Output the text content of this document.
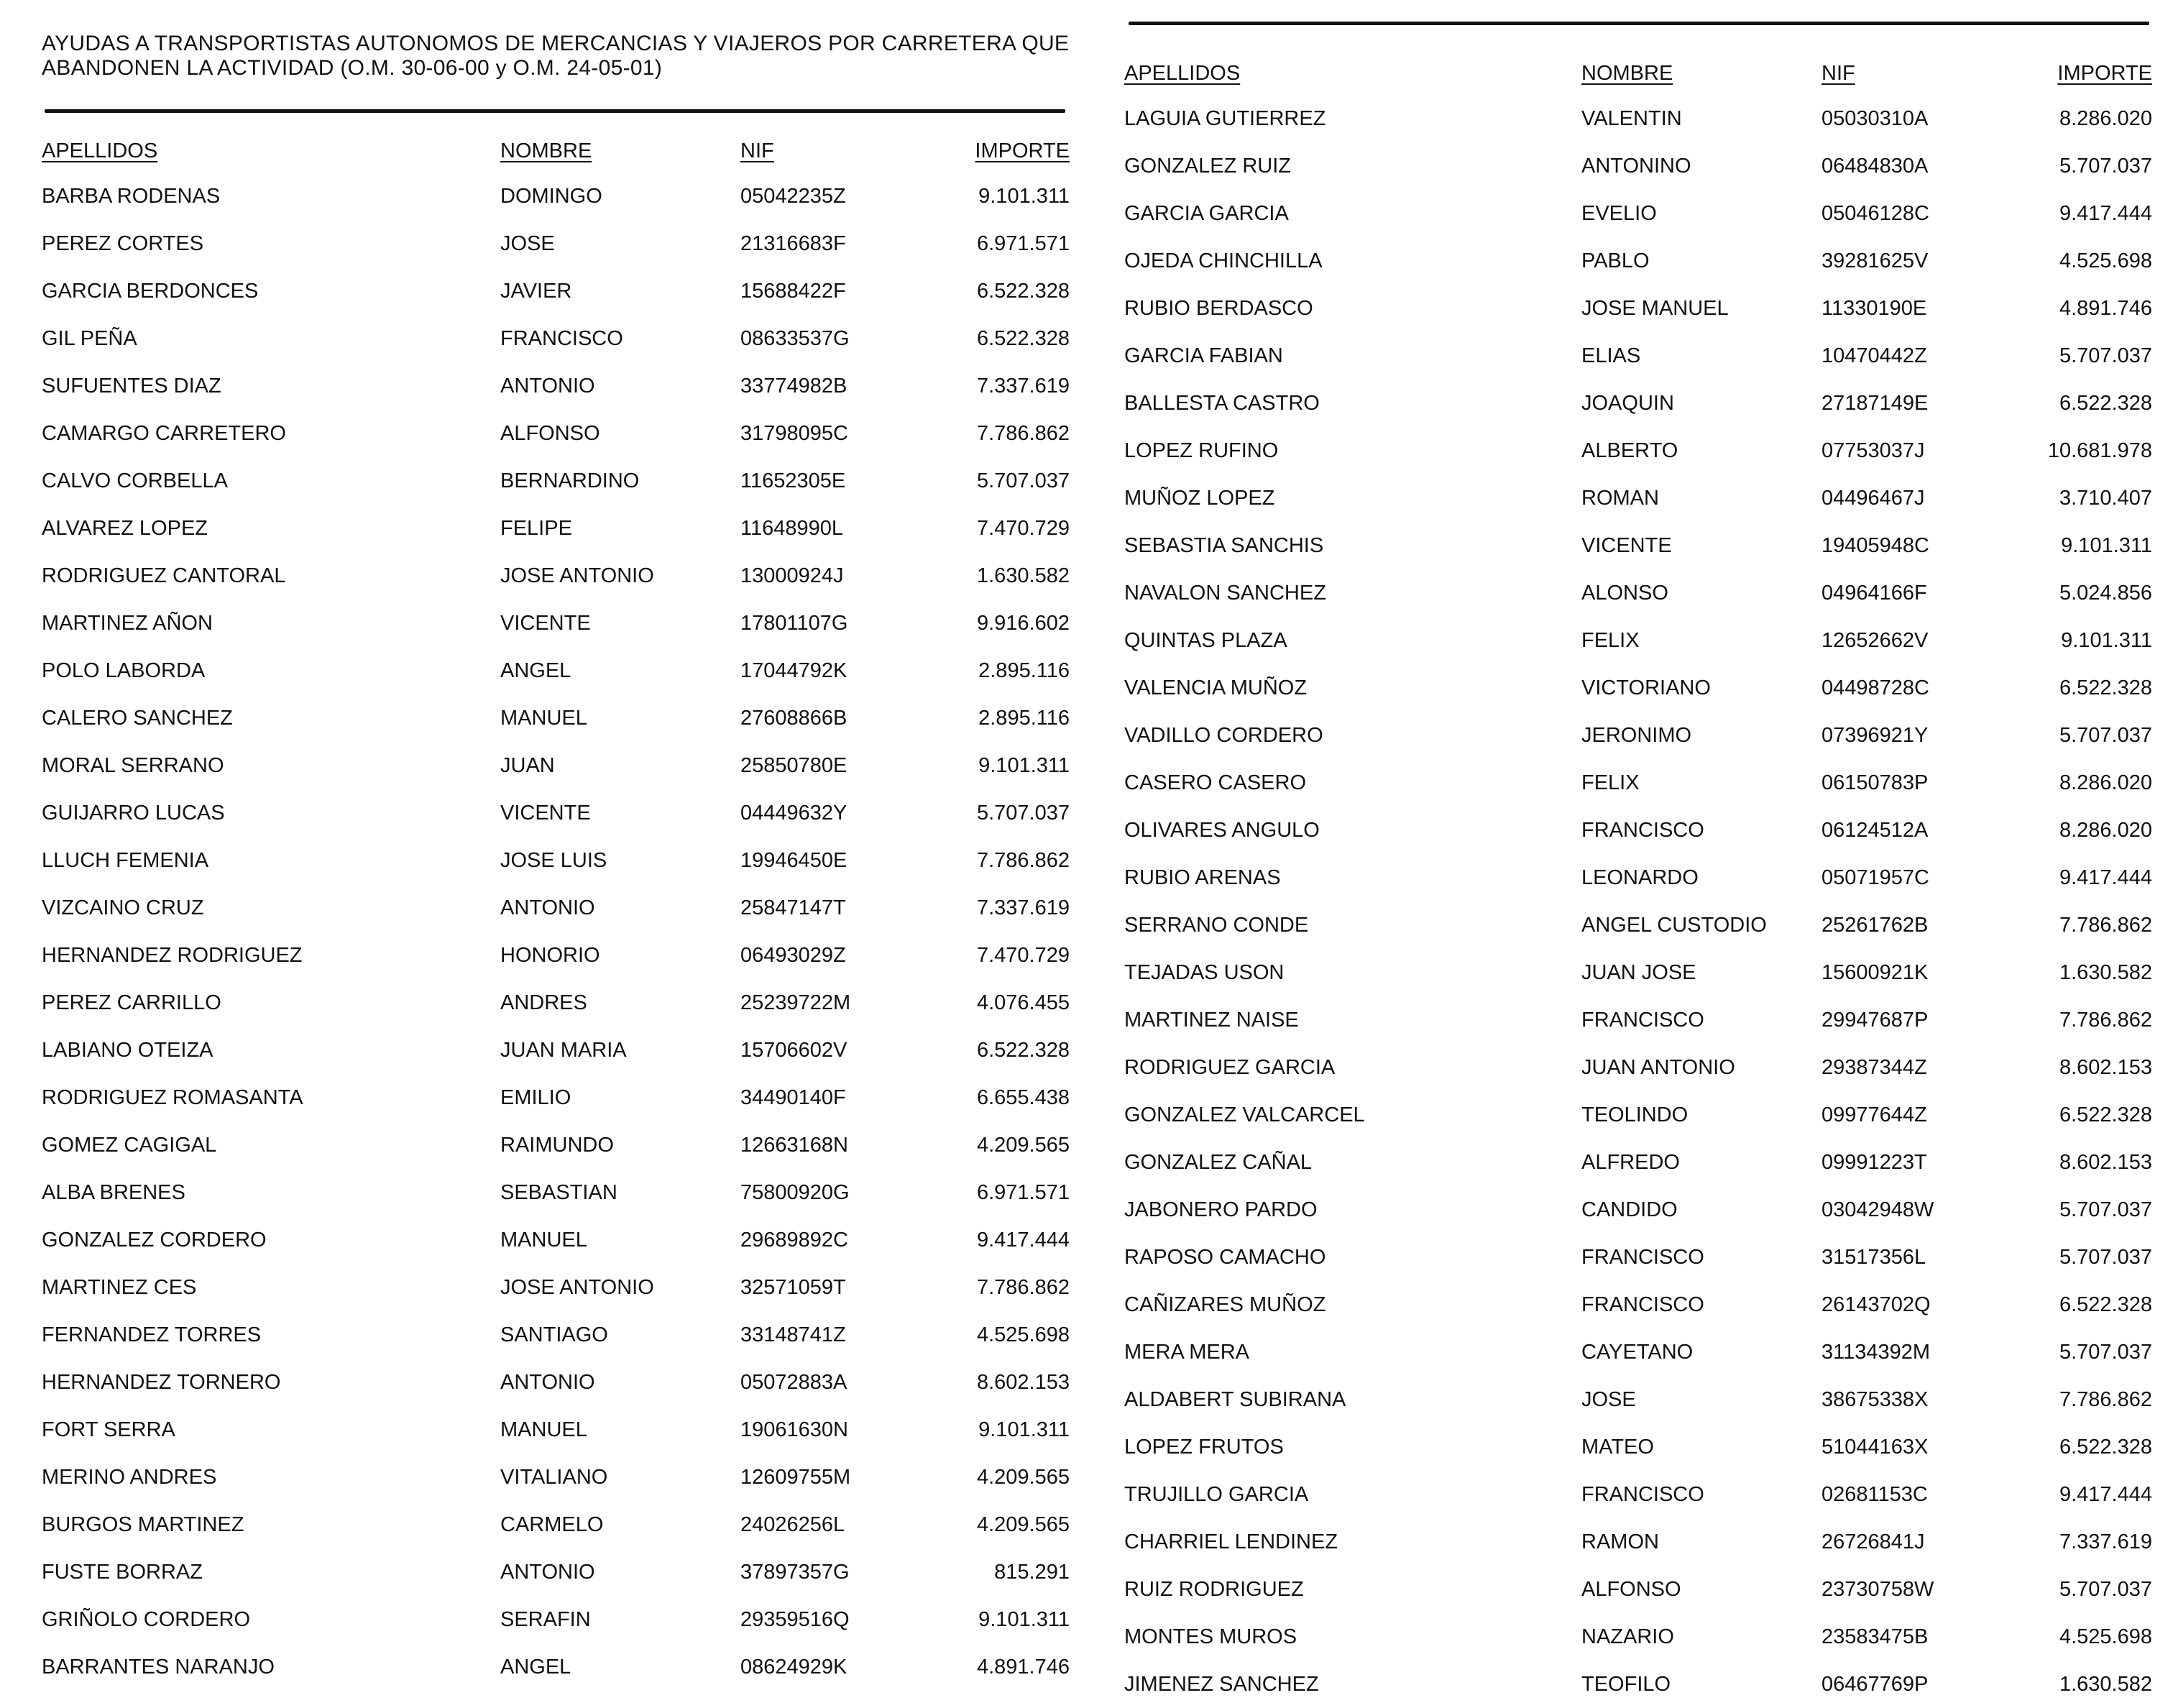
AYUDAS A TRANSPORTISTAS AUTONOMOS DE MERCANCIAS Y VIAJEROS POR CARRETERA QUE ABANDONEN LA ACTIVIDAD (O.M. 30-06-00 y O.M. 24-05-01)
APELLIDOS	NOMBRE	NIF	IMPORTE
BARBA RODENAS	DOMINGO	05042235Z	9.101.311
PEREZ CORTES	JOSE	21316683F	6.971.571
GARCIA BERDONCES	JAVIER	15688422F	6.522.328
GIL PEÑA	FRANCISCO	08633537G	6.522.328
SUFUENTES DIAZ	ANTONIO	33774982B	7.337.619
CAMARGO CARRETERO	ALFONSO	31798095C	7.786.862
CALVO CORBELLA	BERNARDINO	11652305E	5.707.037
ALVAREZ LOPEZ	FELIPE	11648990L	7.470.729
RODRIGUEZ CANTORAL	JOSE ANTONIO	13000924J	1.630.582
MARTINEZ AÑON	VICENTE	17801107G	9.916.602
POLO LABORDA	ANGEL	17044792K	2.895.116
CALERO SANCHEZ	MANUEL	27608866B	2.895.116
MORAL SERRANO	JUAN	25850780E	9.101.311
GUIJARRO LUCAS	VICENTE	04449632Y	5.707.037
LLUCH FEMENIA	JOSE LUIS	19946450E	7.786.862
VIZCAINO CRUZ	ANTONIO	25847147T	7.337.619
HERNANDEZ RODRIGUEZ	HONORIO	06493029Z	7.470.729
PEREZ CARRILLO	ANDRES	25239722M	4.076.455
LABIANO OTEIZA	JUAN MARIA	15706602V	6.522.328
RODRIGUEZ ROMASANTA	EMILIO	34490140F	6.655.438
GOMEZ CAGIGAL	RAIMUNDO	12663168N	4.209.565
ALBA BRENES	SEBASTIAN	75800920G	6.971.571
GONZALEZ CORDERO	MANUEL	29689892C	9.417.444
MARTINEZ CES	JOSE ANTONIO	32571059T	7.786.862
FERNANDEZ TORRES	SANTIAGO	33148741Z	4.525.698
HERNANDEZ TORNERO	ANTONIO	05072883A	8.602.153
FORT SERRA	MANUEL	19061630N	9.101.311
MERINO ANDRES	VITALIANO	12609755M	4.209.565
BURGOS MARTINEZ	CARMELO	24026256L	4.209.565
FUSTE BORRAZ	ANTONIO	37897357G	815.291
GRIÑOLO CORDERO	SERAFIN	29359516Q	9.101.311
BARRANTES NARANJO	ANGEL	08624929K	4.891.746
APELLIDOS	NOMBRE	NIF	IMPORTE
LAGUIA GUTIERREZ	VALENTIN	05030310A	8.286.020
GONZALEZ RUIZ	ANTONINO	06484830A	5.707.037
GARCIA GARCIA	EVELIO	05046128C	9.417.444
OJEDA CHINCHILLA	PABLO	39281625V	4.525.698
RUBIO BERDASCO	JOSE MANUEL	11330190E	4.891.746
GARCIA FABIAN	ELIAS	10470442Z	5.707.037
BALLESTA CASTRO	JOAQUIN	27187149E	6.522.328
LOPEZ RUFINO	ALBERTO	07753037J	10.681.978
MUÑOZ LOPEZ	ROMAN	04496467J	3.710.407
SEBASTIA SANCHIS	VICENTE	19405948C	9.101.311
NAVALON SANCHEZ	ALONSO	04964166F	5.024.856
QUINTAS PLAZA	FELIX	12652662V	9.101.311
VALENCIA MUÑOZ	VICTORIANO	04498728C	6.522.328
VADILLO CORDERO	JERONIMO	07396921Y	5.707.037
CASERO CASERO	FELIX	06150783P	8.286.020
OLIVARES ANGULO	FRANCISCO	06124512A	8.286.020
RUBIO ARENAS	LEONARDO	05071957C	9.417.444
SERRANO CONDE	ANGEL CUSTODIO	25261762B	7.786.862
TEJADAS USON	JUAN JOSE	15600921K	1.630.582
MARTINEZ NAISE	FRANCISCO	29947687P	7.786.862
RODRIGUEZ GARCIA	JUAN ANTONIO	29387344Z	8.602.153
GONZALEZ VALCARCEL	TEOLINDO	09977644Z	6.522.328
GONZALEZ CAÑAL	ALFREDO	09991223T	8.602.153
JABONERO PARDO	CANDIDO	03042948W	5.707.037
RAPOSO CAMACHO	FRANCISCO	31517356L	5.707.037
CAÑIZARES MUÑOZ	FRANCISCO	26143702Q	6.522.328
MERA MERA	CAYETANO	31134392M	5.707.037
ALDABERT SUBIRANA	JOSE	38675338X	7.786.862
LOPEZ FRUTOS	MATEO	51044163X	6.522.328
TRUJILLO GARCIA	FRANCISCO	02681153C	9.417.444
CHARRIEL LENDINEZ	RAMON	26726841J	7.337.619
RUIZ RODRIGUEZ	ALFONSO	23730758W	5.707.037
MONTES MUROS	NAZARIO	23583475B	4.525.698
JIMENEZ SANCHEZ	TEOFILO	06467769P	1.630.582
